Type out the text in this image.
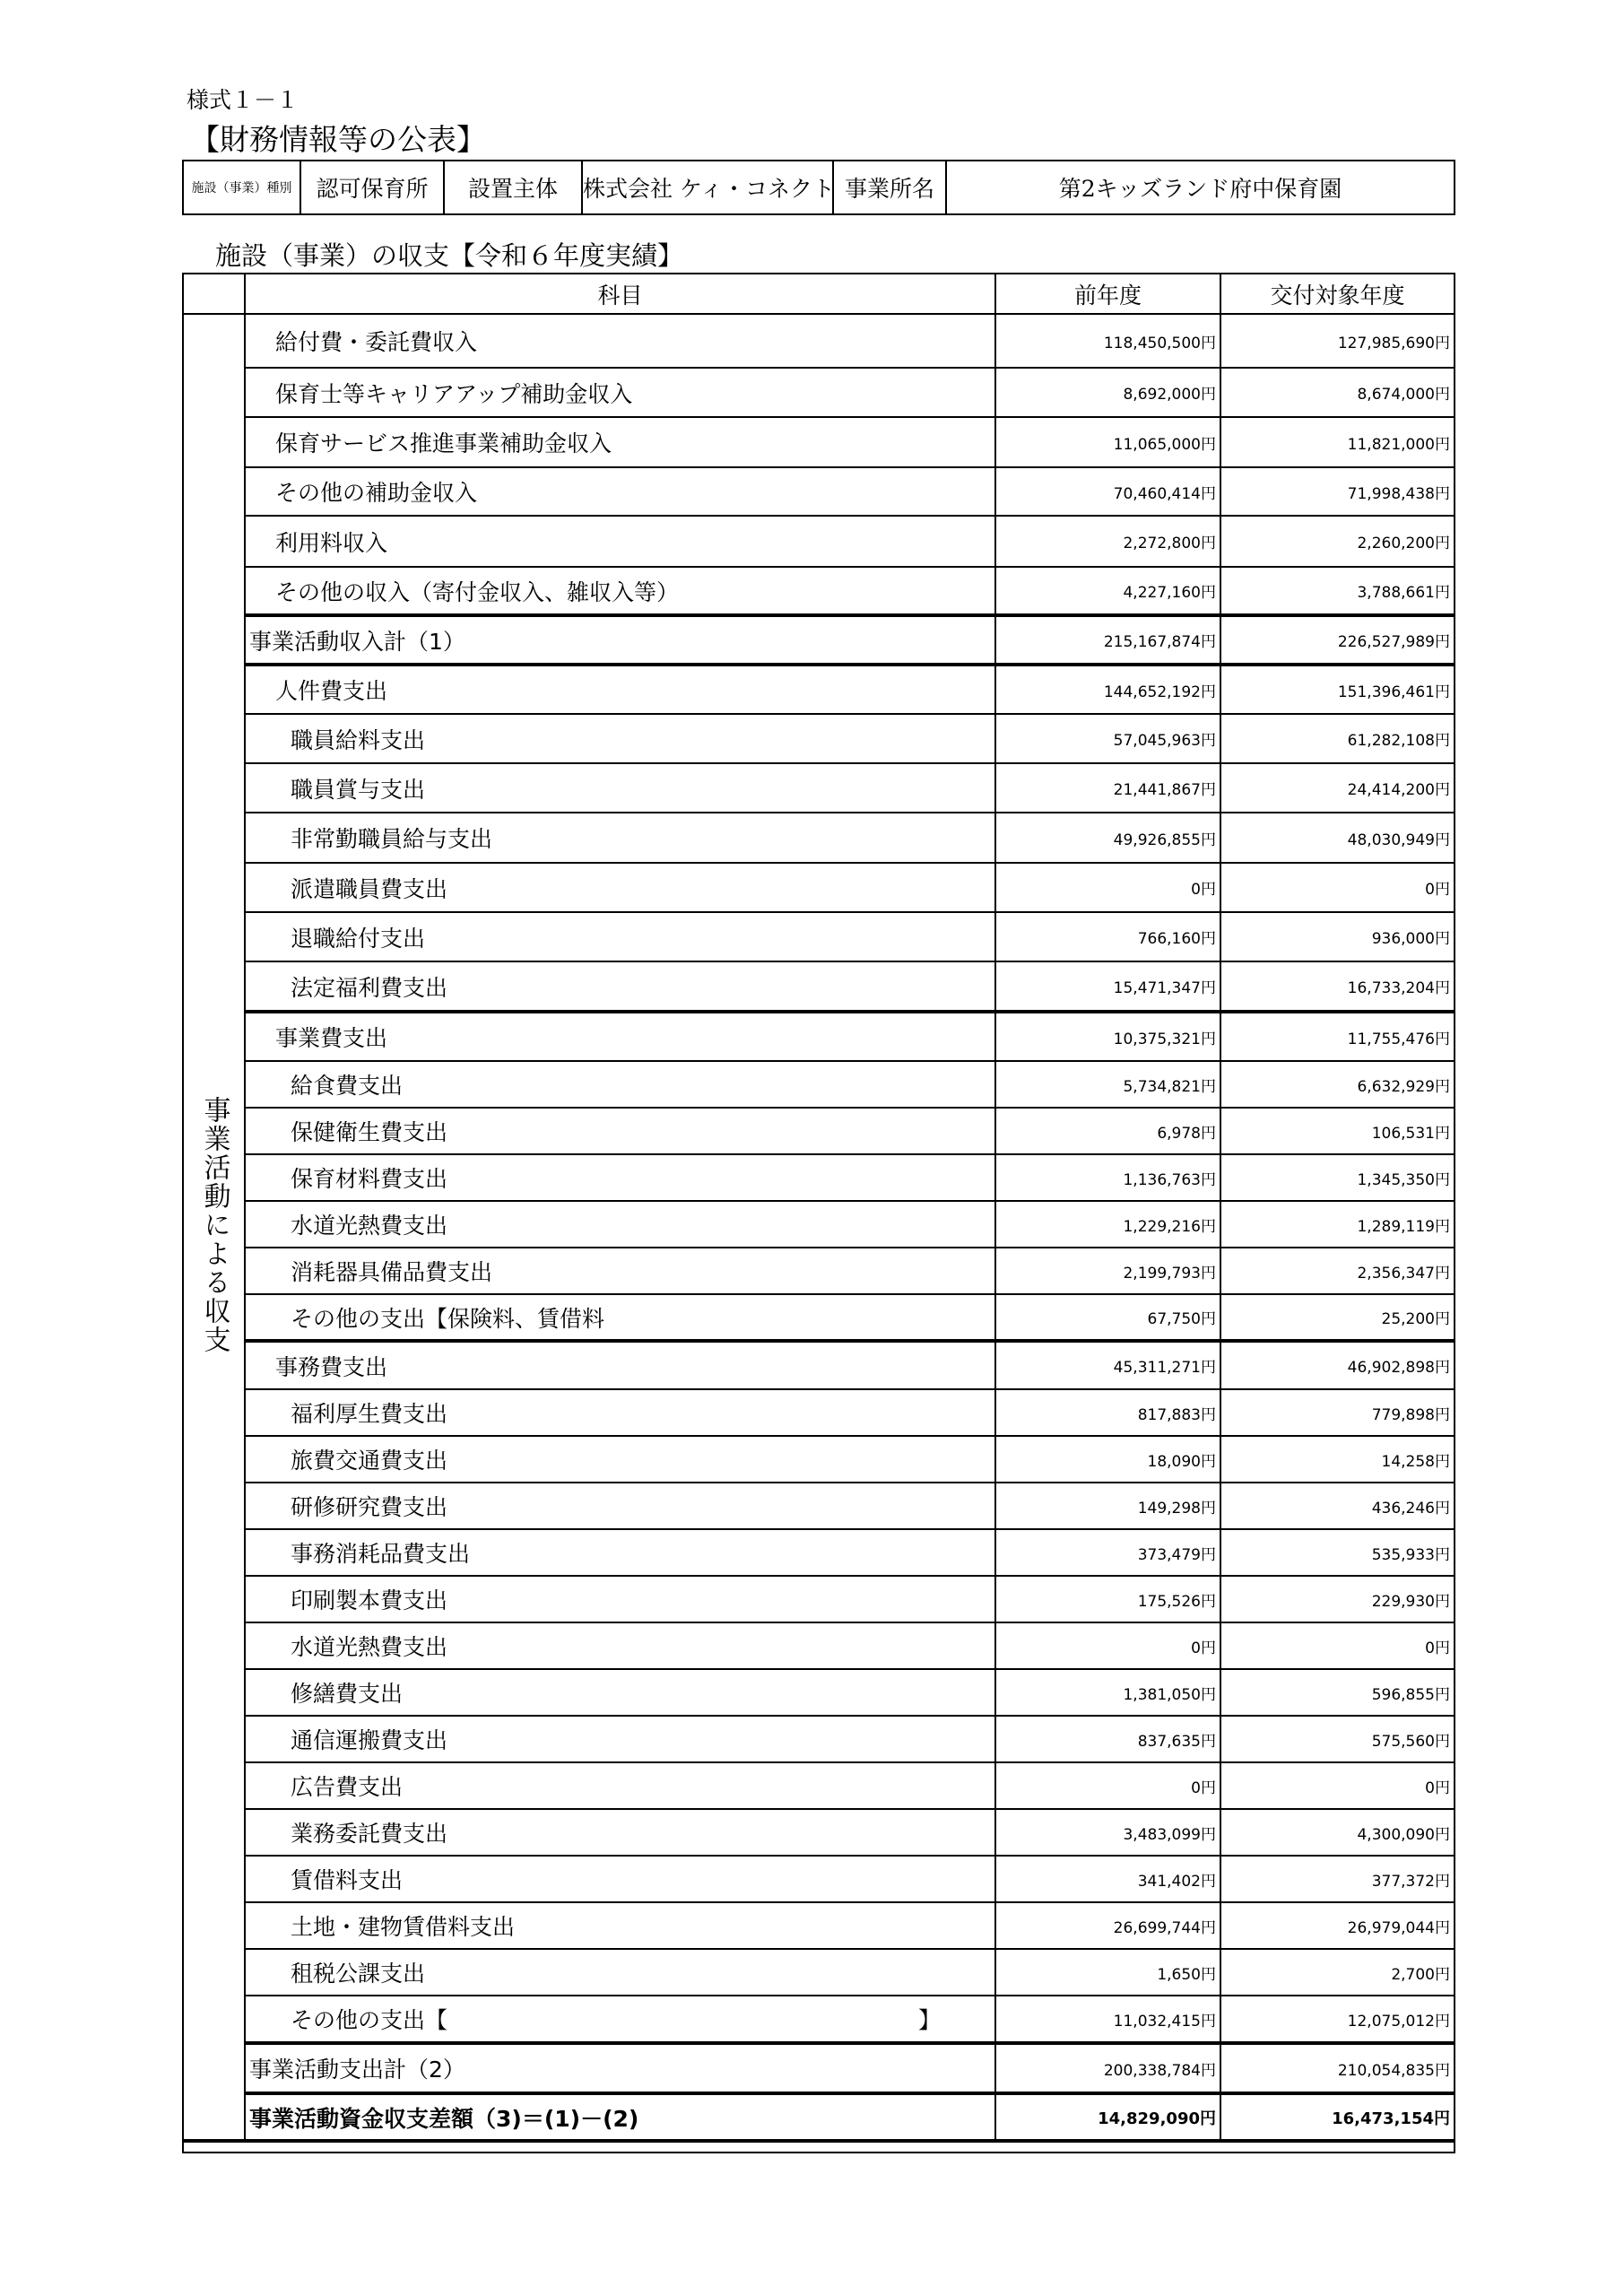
様式１－１
【財務情報等の公表】
施設（事業）種別	認可保育所	設置主体	株式会社 ケィ・コネクト	事業所名	第2キッズランド府中保育園
施設（事業）の収支【令和６年度実績】
	科目	前年度	交付対象年度
事業活動による収支	給付費・委託費収入	118,450,500円	127,985,690円
	保育士等キャリアアップ補助金収入	8,692,000円	8,674,000円
	保育サービス推進事業補助金収入	11,065,000円	11,821,000円
	その他の補助金収入	70,460,414円	71,998,438円
	利用料収入	2,272,800円	2,260,200円
	その他の収入（寄付金収入、雑収入等）	4,227,160円	3,788,661円
	事業活動収入計（1）	215,167,874円	226,527,989円
	人件費支出	144,652,192円	151,396,461円
	職員給料支出	57,045,963円	61,282,108円
	職員賞与支出	21,441,867円	24,414,200円
	非常勤職員給与支出	49,926,855円	48,030,949円
	派遣職員費支出	0円	0円
	退職給付支出	766,160円	936,000円
	法定福利費支出	15,471,347円	16,733,204円
	事業費支出	10,375,321円	11,755,476円
	給食費支出	5,734,821円	6,632,929円
	保健衛生費支出	6,978円	106,531円
	保育材料費支出	1,136,763円	1,345,350円
	水道光熱費支出	1,229,216円	1,289,119円
	消耗器具備品費支出	2,199,793円	2,356,347円
	その他の支出【保険料、賃借料	67,750円	25,200円
	事務費支出	45,311,271円	46,902,898円
	福利厚生費支出	817,883円	779,898円
	旅費交通費支出	18,090円	14,258円
	研修研究費支出	149,298円	436,246円
	事務消耗品費支出	373,479円	535,933円
	印刷製本費支出	175,526円	229,930円
	水道光熱費支出	0円	0円
	修繕費支出	1,381,050円	596,855円
	通信運搬費支出	837,635円	575,560円
	広告費支出	0円	0円
	業務委託費支出	3,483,099円	4,300,090円
	賃借料支出	341,402円	377,372円
	土地・建物賃借料支出	26,699,744円	26,979,044円
	租税公課支出	1,650円	2,700円
	その他の支出【 】	11,032,415円	12,075,012円
	事業活動支出計（2）	200,338,784円	210,054,835円
	事業活動資金収支差額（3)＝(1)－(2)	14,829,090円	16,473,154円
